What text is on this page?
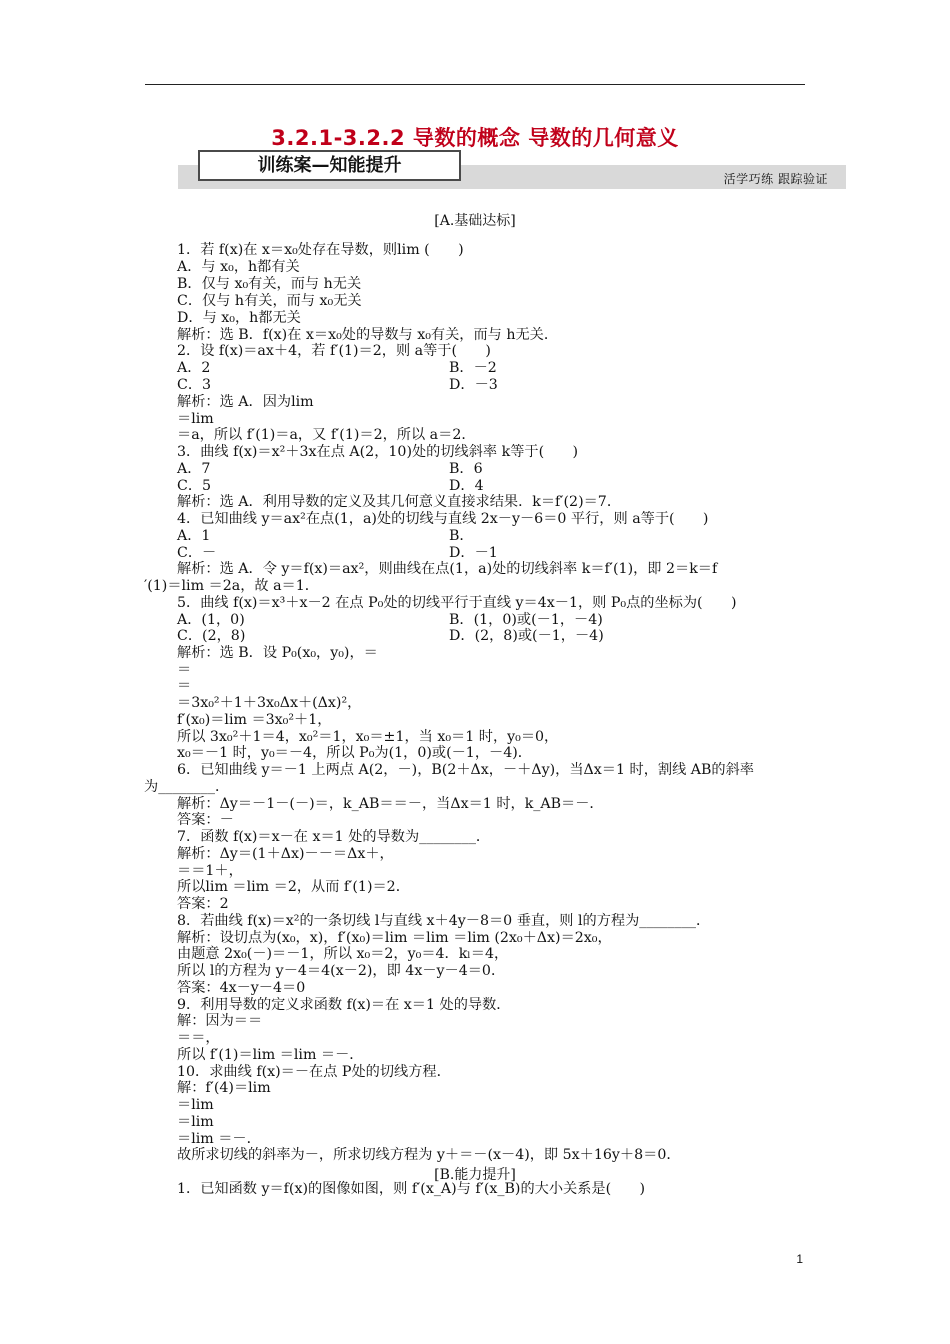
3.2.1-3.2.2 导数的概念 导数的几何意义
训练案—知能提升
活学巧练 跟踪验证
[A.基础达标]
[B.能力提升]
1．若 f(x)在 x＝x₀处存在导数，则lim (　　)
A．与 x₀，h都有关
B．仅与 x₀有关，而与 h无关
C．仅与 h有关，而与 x₀无关
D．与 x₀，h都无关
解析：选 B．f(x)在 x＝x₀处的导数与 x₀有关，而与 h无关．
2．设 f(x)＝ax＋4，若 f′(1)＝2，则 a等于(　　)
A．2	B．－2
C．3	D．－3
解析：选 A．因为lim
＝lim
＝a，所以 f′(1)＝a，又 f′(1)＝2，所以 a＝2．
3．曲线 f(x)＝x²＋3x在点 A(2，10)处的切线斜率 k等于(　　)
A．7	B．6
C．5	D．4
解析：选 A．利用导数的定义及其几何意义直接求结果．k＝f′(2)＝7．
4．已知曲线 y＝ax²在点(1，a)处的切线与直线 2x－y－6＝0 平行，则 a等于(　　)
A．1	B．
C．－	D．－1
解析：选 A．令 y＝f(x)＝ax²，则曲线在点(1，a)处的切线斜率 k＝f′(1)，即 2＝k＝f
′(1)＝lim ＝2a，故 a＝1．
5．曲线 f(x)＝x³＋x－2 在点 P₀处的切线平行于直线 y＝4x－1，则 P₀点的坐标为(　　)
A．(1，0)	B．(1，0)或(－1，－4)
C．(2，8)	D．(2，8)或(－1，－4)
解析：选 B．设 P₀(x₀，y₀)，＝
＝
＝
＝3x₀²＋1＋3x₀Δx＋(Δx)²，
f′(x₀)＝lim ＝3x₀²＋1，
所以 3x₀²＋1＝4，x₀²＝1，x₀＝±1，当 x₀＝1 时，y₀＝0，
x₀＝－1 时，y₀＝－4，所以 P₀为(1，0)或(－1，－4)．
6．已知曲线 y＝－1 上两点 A(2，－)，B(2＋Δx，－＋Δy)，当Δx＝1 时，割线 AB的斜率
为________．
解析：Δy＝－1－(－)＝，k_AB＝＝－，当Δx＝1 时，k_AB＝－．
答案：－
7．函数 f(x)＝x－在 x＝1 处的导数为________．
解析：Δy＝(1＋Δx)－－＝Δx＋，
＝＝1＋，
所以lim ＝lim ＝2，从而 f′(1)＝2．
答案：2
8．若曲线 f(x)＝x²的一条切线 l与直线 x＋4y－8＝0 垂直，则 l的方程为________．
解析：设切点为(x₀，x)，f′(x₀)＝lim ＝lim ＝lim (2x₀＋Δx)＝2x₀，
由题意 2x₀(－)＝－1，所以 x₀＝2，y₀＝4．kₗ＝4，
所以 l的方程为 y－4＝4(x－2)，即 4x－y－4＝0．
答案：4x－y－4＝0
9．利用导数的定义求函数 f(x)＝在 x＝1 处的导数．
解：因为＝＝
＝＝，
所以 f′(1)＝lim ＝lim ＝－．
10．求曲线 f(x)＝－在点 P处的切线方程．
解：f′(4)＝lim
＝lim
＝lim
＝lim ＝－．
故所求切线的斜率为－，所求切线方程为 y＋＝－(x－4)，即 5x＋16y＋8＝0．
1．已知函数 y＝f(x)的图像如图，则 f′(x_A)与 f′(x_B)的大小关系是(　　)
1
